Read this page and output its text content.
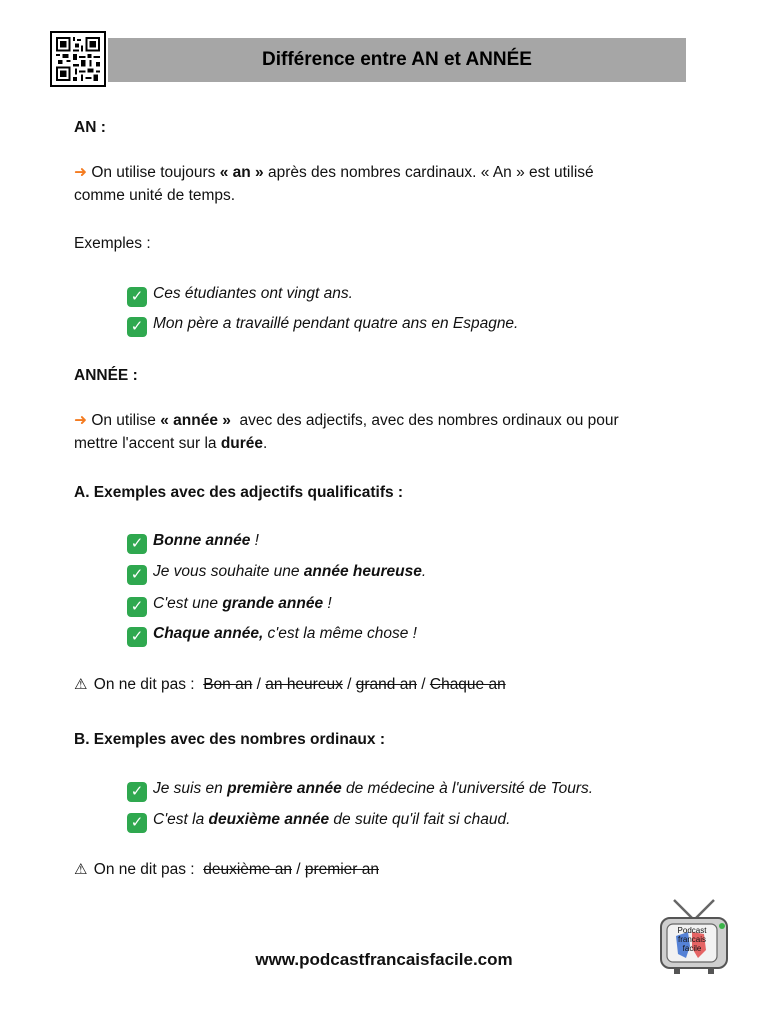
Différence entre AN et ANNÉE
AN :
➜ On utilise toujours « an » après des nombres cardinaux. « An » est utilisé
comme unité de temps.
Exemples :
✓ Ces étudiantes ont vingt ans.
✓ Mon père a travaillé pendant quatre ans en Espagne.
ANNÉE :
➜ On utilise « année » avec des adjectifs, avec des nombres ordinaux ou pour
mettre l'accent sur la durée.
A. Exemples avec des adjectifs qualificatifs :
✓ Bonne année !
✓ Je vous souhaite une année heureuse.
✓ C'est une grande année !
✓ Chaque année, c'est la même chose !
⚠ On ne dit pas : Bon an / an heureux / grand an / Chaque an
B. Exemples avec des nombres ordinaux :
✓ Je suis en première année de médecine à l'université de Tours.
✓ C'est la deuxième année de suite qu'il fait si chaud.
⚠ On ne dit pas : deuxième an / premier an
www.podcastfrancaisfacile.com
Podcast
francais
facile
